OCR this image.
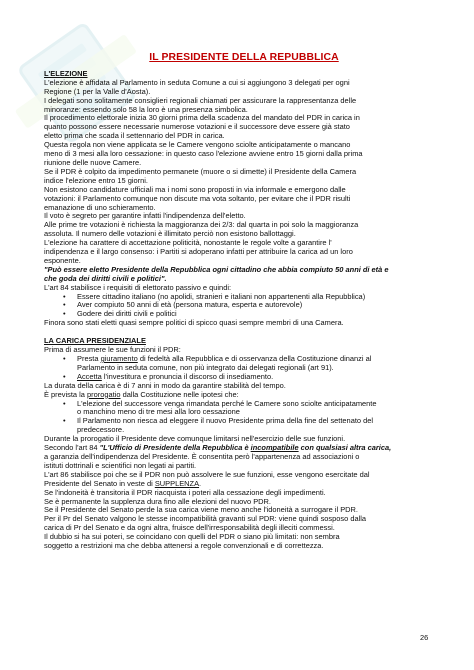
IL PRESIDENTE DELLA REPUBBLICA
L'ELEZIONE

L'elezione è affidata al Parlamento in seduta Comune a cui si aggiungono 3 delegati per ogni

Regione (1 per la Valle d'Aosta).

I delegati sono solitamente consiglieri regionali chiamati per assicurare la rappresentanza delle

minoranze: essendo solo 58 la loro è una presenza simbolica.

Il procedimento elettorale inizia 30 giorni prima della scadenza del mandato del PDR in carica in

quanto possono essere necessarie numerose votazioni e il successore deve essere già stato

eletto prima che scada il settennario del PDR in carica.

Questa regola non viene applicata se le Camere vengono sciolte anticipatamente o mancano

meno di 3 mesi alla loro cessazione: in questo caso l'elezione avviene entro 15 giorni dalla prima

riunione delle nuove Camere.

Se il PDR è colpito da impedimento permanete (muore o si dimette) il Presidente della Camera

indice l'elezione entro 15 giorni.

Non esistono candidature ufficiali ma i nomi sono proposti in via informale e emergono dalle

votazioni: il Parlamento comunque non discute ma vota soltanto, per evitare che il PDR risulti

emanazione di uno schieramento.

Il voto è segreto per garantire infatti l'indipendenza dell'eletto.

Alle prime tre votazioni è richiesta la maggioranza dei 2/3: dal quarta in poi solo la maggioranza

assoluta. Il numero delle votazioni è illimitato perciò non esistono ballottaggi.

L'elezione ha carattere di accettazione politicità, nonostante le regole volte a garantire l'

indipendenza e il largo consenso: i Partiti si adoperano infatti per attribuire la carica ad un loro

esponente.

"Può essere eletto Presidente della Repubblica ogni cittadino che abbia compiuto 50 anni di età e

che goda dei diritti civili e politici".

L'art 84 stabilisce i requisiti di elettorato passivo e quindi:

• Essere cittadino italiano (no apolidi, stranieri e italiani non appartenenti alla Repubblica)
• Aver compiuto 50 anni di età (persona matura, esperta e autorevole)
• Godere dei diritti civili e politici

Finora sono stati eletti quasi sempre politici di spicco quasi sempre membri di una Camera.

LA CARICA PRESIDENZIALE

Prima di assumere le sue funzioni il PDR:

• Presta giuramento di fedeltà alla Repubblica e di osservanza della Costituzione dinanzi al
Parlamento in seduta comune, non più integrato dai delegati regionali (art 91).
• Accetta l'investitura e pronuncia il discorso di insediamento.

La durata della carica è di 7 anni in modo da garantire stabilità del tempo.

È prevista la prorogatio dalla Costituzione nelle ipotesi che:

• L'elezione del successore venga rimandata perché le Camere sono sciolte anticipatamente
o manchino meno di tre mesi alla loro cessazione
• Il Parlamento non riesca ad eleggere il nuovo Presidente prima della fine del settenato del
predecessore.

Durante la prorogatio il Presidente deve comunque limitarsi nell'esercizio delle sue funzioni.

Secondo l'art 84 "L'Ufficio di Presidente della Repubblica è incompatibile con qualsiasi altra carica,

a garanzia dell'indipendenza del Presidente. È consentita però l'appartenenza ad associazioni o

istituti dottrinali e scientifici non legati ai partiti.

L'art 86 stabilisce poi che se il PDR non può assolvere le sue funzioni, esse vengono esercitate dal

Presidente del Senato in veste di SUPPLENZA.

Se l'indoneità è transitoria il PDR riacquista i poteri alla cessazione degli impedimenti.

Se è permanente la supplenza dura fino alle elezioni del nuovo PDR.

Se il Presidente del Senato perde la sua carica viene meno anche l'idoneità a surrogare il PDR.

Per il Pr del Senato valgono le stesse incompatibilità gravanti sul PDR: viene quindi sosposo dalla

carica di Pr del Senato e da ogni altra, fruisce dell'irresponsabilità degli illeciti commessi.

Il dubbio si ha sui poteri, se coincidano con quelli del PDR o siano più limitati: non sembra

soggetto a restrizioni ma che debba attenersi a regole convenzionali e di correttezza.

26
